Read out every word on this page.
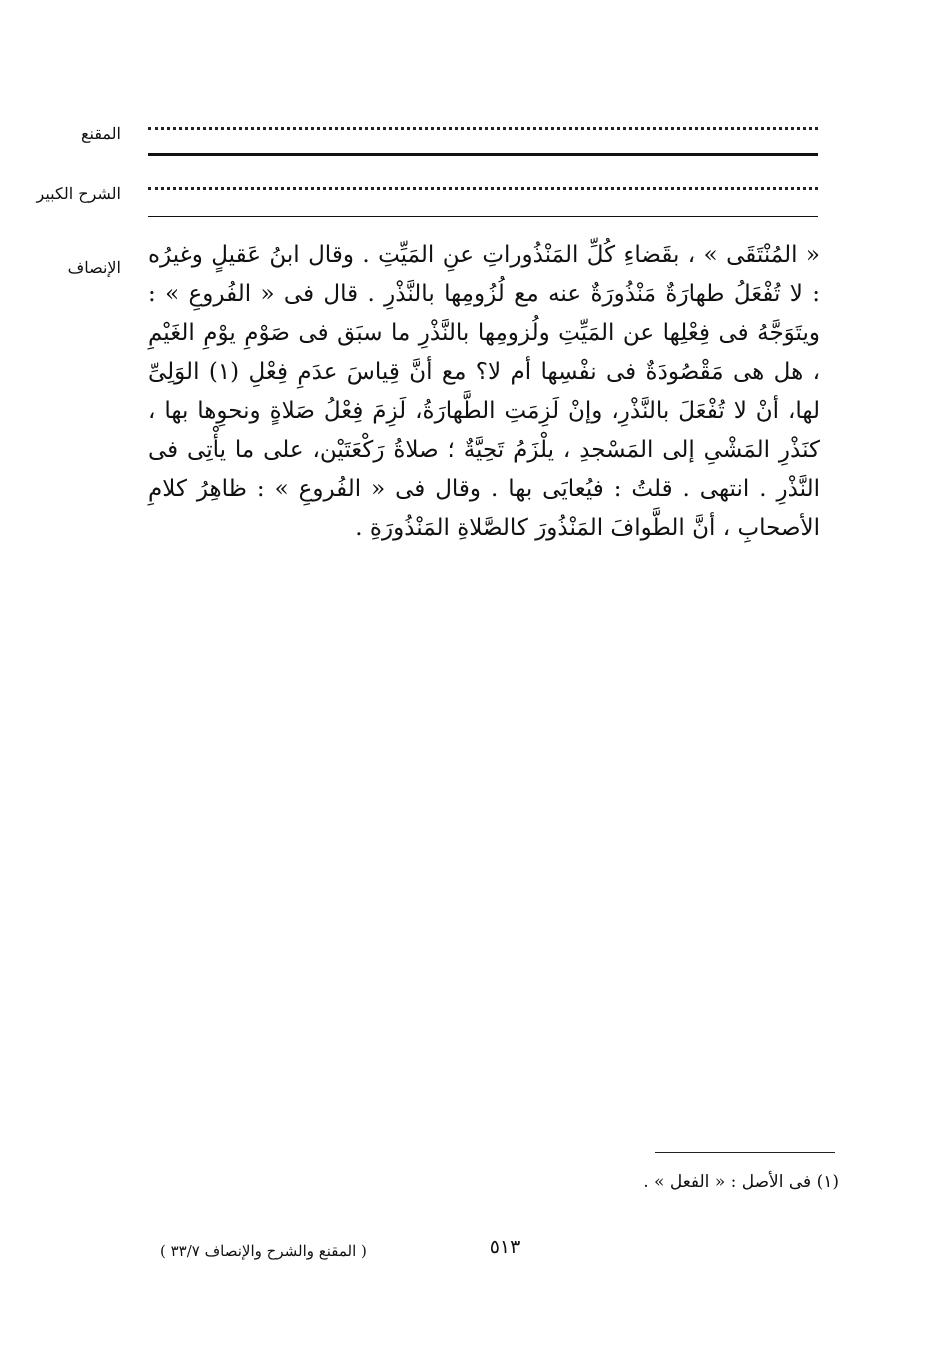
المقنع
الشرح الكبير
الإنصاف « المُنْتَقَى » ، بقَضاءِ كُلِّ المَنْذُوراتِ عنِ المَيِّتِ . وقال ابنُ عَقيلٍ وغيرُه : لا تُفْعَلُ طهارَةٌ مَنْذُورَةٌ عنه مع لُزُومِها بالنَّذْرِ . قال فى « الفُروعِ » : ويتَوَجَّهُ فى فِعْلِها عن المَيِّتِ ولُزومِها بالنَّذْرِ ما سبَق فى صَوْمِ يوْمِ الغَيْمِ ، هل هى مَقْصُودَةٌ فى نفْسِها أم لا؟ مع أنَّ قِياسَ عدَمِ فِعْلِ (١) الوَلِىِّ لها، أنْ لا تُفْعَلَ بالنَّذْرِ، وإنْ لَزِمَتِ الطَّهارَةُ، لَزِمَ فِعْلُ صَلاةٍ ونحوِها بها ، كنَذْرِ المَشْىِ إلى المَسْجدِ ، يلْزَمُ تَحِيَّةٌ ؛ صلاةُ رَكْعَتَيْن، على ما يأْتِى فى النَّذْرِ . انتهى . قلتُ : فيُعايَى بها . وقال فى « الفُروعِ » : ظاهِرُ كلامِ الأصحابِ ، أنَّ الطَّوافَ المَنْذُورَ كالصَّلاةِ المَنْذُورَةِ .
(١) فى الأصل : « الفعل » .
٥١٣
( المقنع والشرح والإنصاف ٣٣/٧ )
